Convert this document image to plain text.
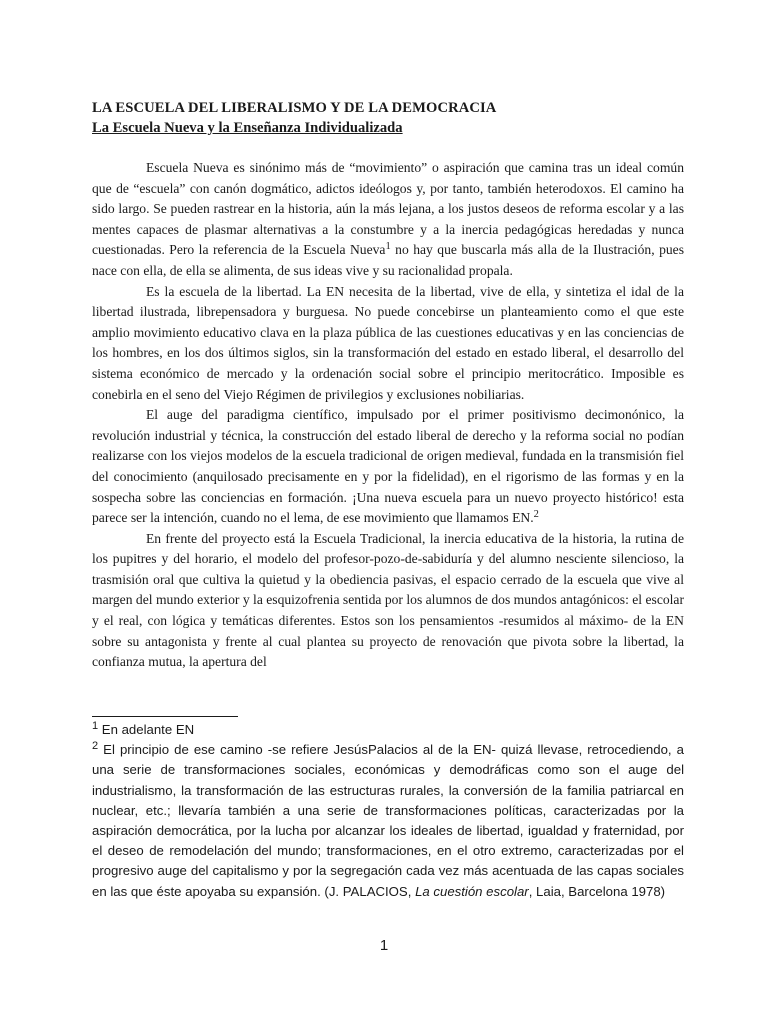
LA ESCUELA DEL LIBERALISMO Y DE LA DEMOCRACIA
La Escuela Nueva y la Enseñanza Individualizada

Escuela Nueva es sinónimo más de “movimiento” o aspiración que camina tras un ideal común que de “escuela” con canón dogmático, adictos ideólogos y, por tanto, también heterodoxos. El camino ha sido largo. Se pueden rastrear en la historia, aún la más lejana, a los justos deseos de reforma escolar y a las mentes capaces de plasmar alternativas a la constumbre y a la inercia pedagógicas heredadas y nunca cuestionadas. Pero la referencia de la Escuela Nueva$^1$ no hay que buscarla más alla de la Ilustración, pues nace con ella, de ella se alimenta, de sus ideas vive y su racionalidad propala.

Es la escuela de la libertad. La EN necesita de la libertad, vive de ella, y sintetiza el idal de la libertad ilustrada, librepensadora y burguesa. No puede concebirse un planteamiento como el que este amplio movimiento educativo clava en la plaza pública de las cuestiones educativas y en las conciencias de los hombres, en los dos últimos siglos, sin la transformación del estado en estado liberal, el desarrollo del sistema económico de mercado y la ordenación social sobre el principio meritocrático. Imposible es conebirla en el seno del Viejo Régimen de privilegios y exclusiones nobiliarias.

El auge del paradigma científico, impulsado por el primer positivismo decimonónico, la revolución industrial y técnica, la construcción del estado liberal de derecho y la reforma social no podían realizarse con los viejos modelos de la escuela tradicional de origen medieval, fundada en la transmisión fiel del conocimiento (anquilosado precisamente en y por la fidelidad), en el rigorismo de las formas y en la sospecha sobre las conciencias en formación. ¡Una nueva escuela para un nuevo proyecto histórico! esta parece ser la intención, cuando no el lema, de ese movimiento que llamamos EN.$^2$

En frente del proyecto está la Escuela Tradicional, la inercia educativa de la historia, la rutina de los pupitres y del horario, el modelo del profesor-pozo-de-sabiduría y del alumno nesciente silencioso, la trasmisión oral que cultiva la quietud y la obediencia pasivas, el espacio cerrado de la escuela que vive al margen del mundo exterior y la esquizofrenia sentida por los alumnos de dos mundos antagónicos: el escolar y el real, con lógica y temáticas diferentes. Estos son los pensamientos -resumidos al máximo- de la EN sobre su antagonista y frente al cual plantea su proyecto de renovación que pivota sobre la libertad, la confianza mutua, la apertura del

$^1$ En adelante EN

$^2$ El principio de ese camino -se refiere JesúsPalacios al de la EN- quizá llevase, retrocediendo, a una serie de transformaciones sociales, económicas y demodráficas como son el auge del industrialismo, la transformación de las estructuras rurales, la conversión de la familia patriarcal en nuclear, etc.; llevaría también a una serie de transformaciones políticas, caracterizadas por la aspiración democrática, por la lucha por alcanzar los ideales de libertad, igualdad y fraternidad, por el deseo de remodelación del mundo; transformaciones, en el otro extremo, caracterizadas por el progresivo auge del capitalismo y por la segregación cada vez más acentuada de las capas sociales en las que éste apoyaba su expansión. (J. PALACIOS, La cuestión escolar, Laia, Barcelona 1978)

1
